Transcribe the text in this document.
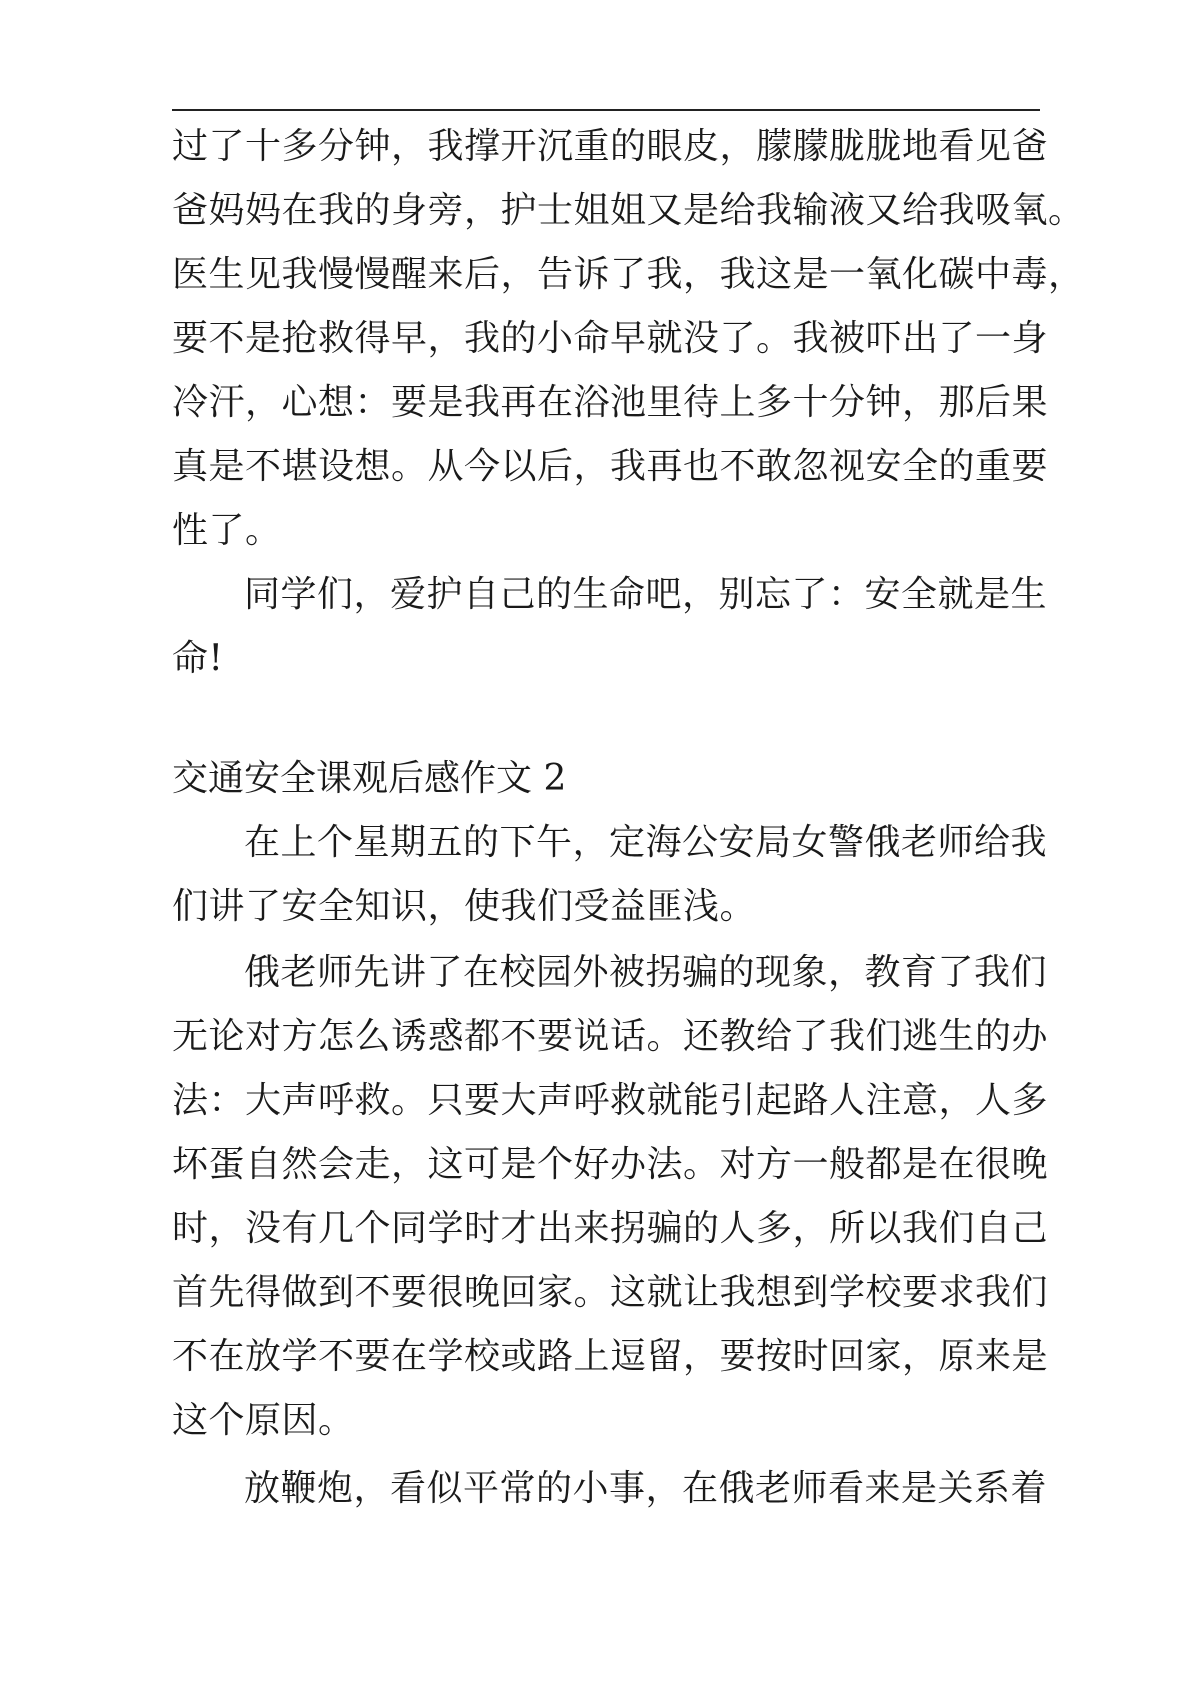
过了十多分钟，我撑开沉重的眼皮，朦朦胧胧地看见爸
爸妈妈在我的身旁，护士姐姐又是给我输液又给我吸氧。
医生见我慢慢醒来后，告诉了我，我这是一氧化碳中毒，
要不是抢救得早，我的小命早就没了。我被吓出了一身
冷汗，心想：要是我再在浴池里待上多十分钟，那后果
真是不堪设想。从今以后，我再也不敢忽视安全的重要
性了。
同学们，爱护自己的生命吧，别忘了：安全就是生
命!
交通安全课观后感作文 2
在上个星期五的下午，定海公安局女警俄老师给我
们讲了安全知识，使我们受益匪浅。
俄老师先讲了在校园外被拐骗的现象，教育了我们
无论对方怎么诱惑都不要说话。还教给了我们逃生的办
法：大声呼救。只要大声呼救就能引起路人注意，人多
坏蛋自然会走，这可是个好办法。对方一般都是在很晚
时，没有几个同学时才出来拐骗的人多，所以我们自己
首先得做到不要很晚回家。这就让我想到学校要求我们
不在放学不要在学校或路上逗留，要按时回家，原来是
这个原因。
放鞭炮，看似平常的小事，在俄老师看来是关系着
